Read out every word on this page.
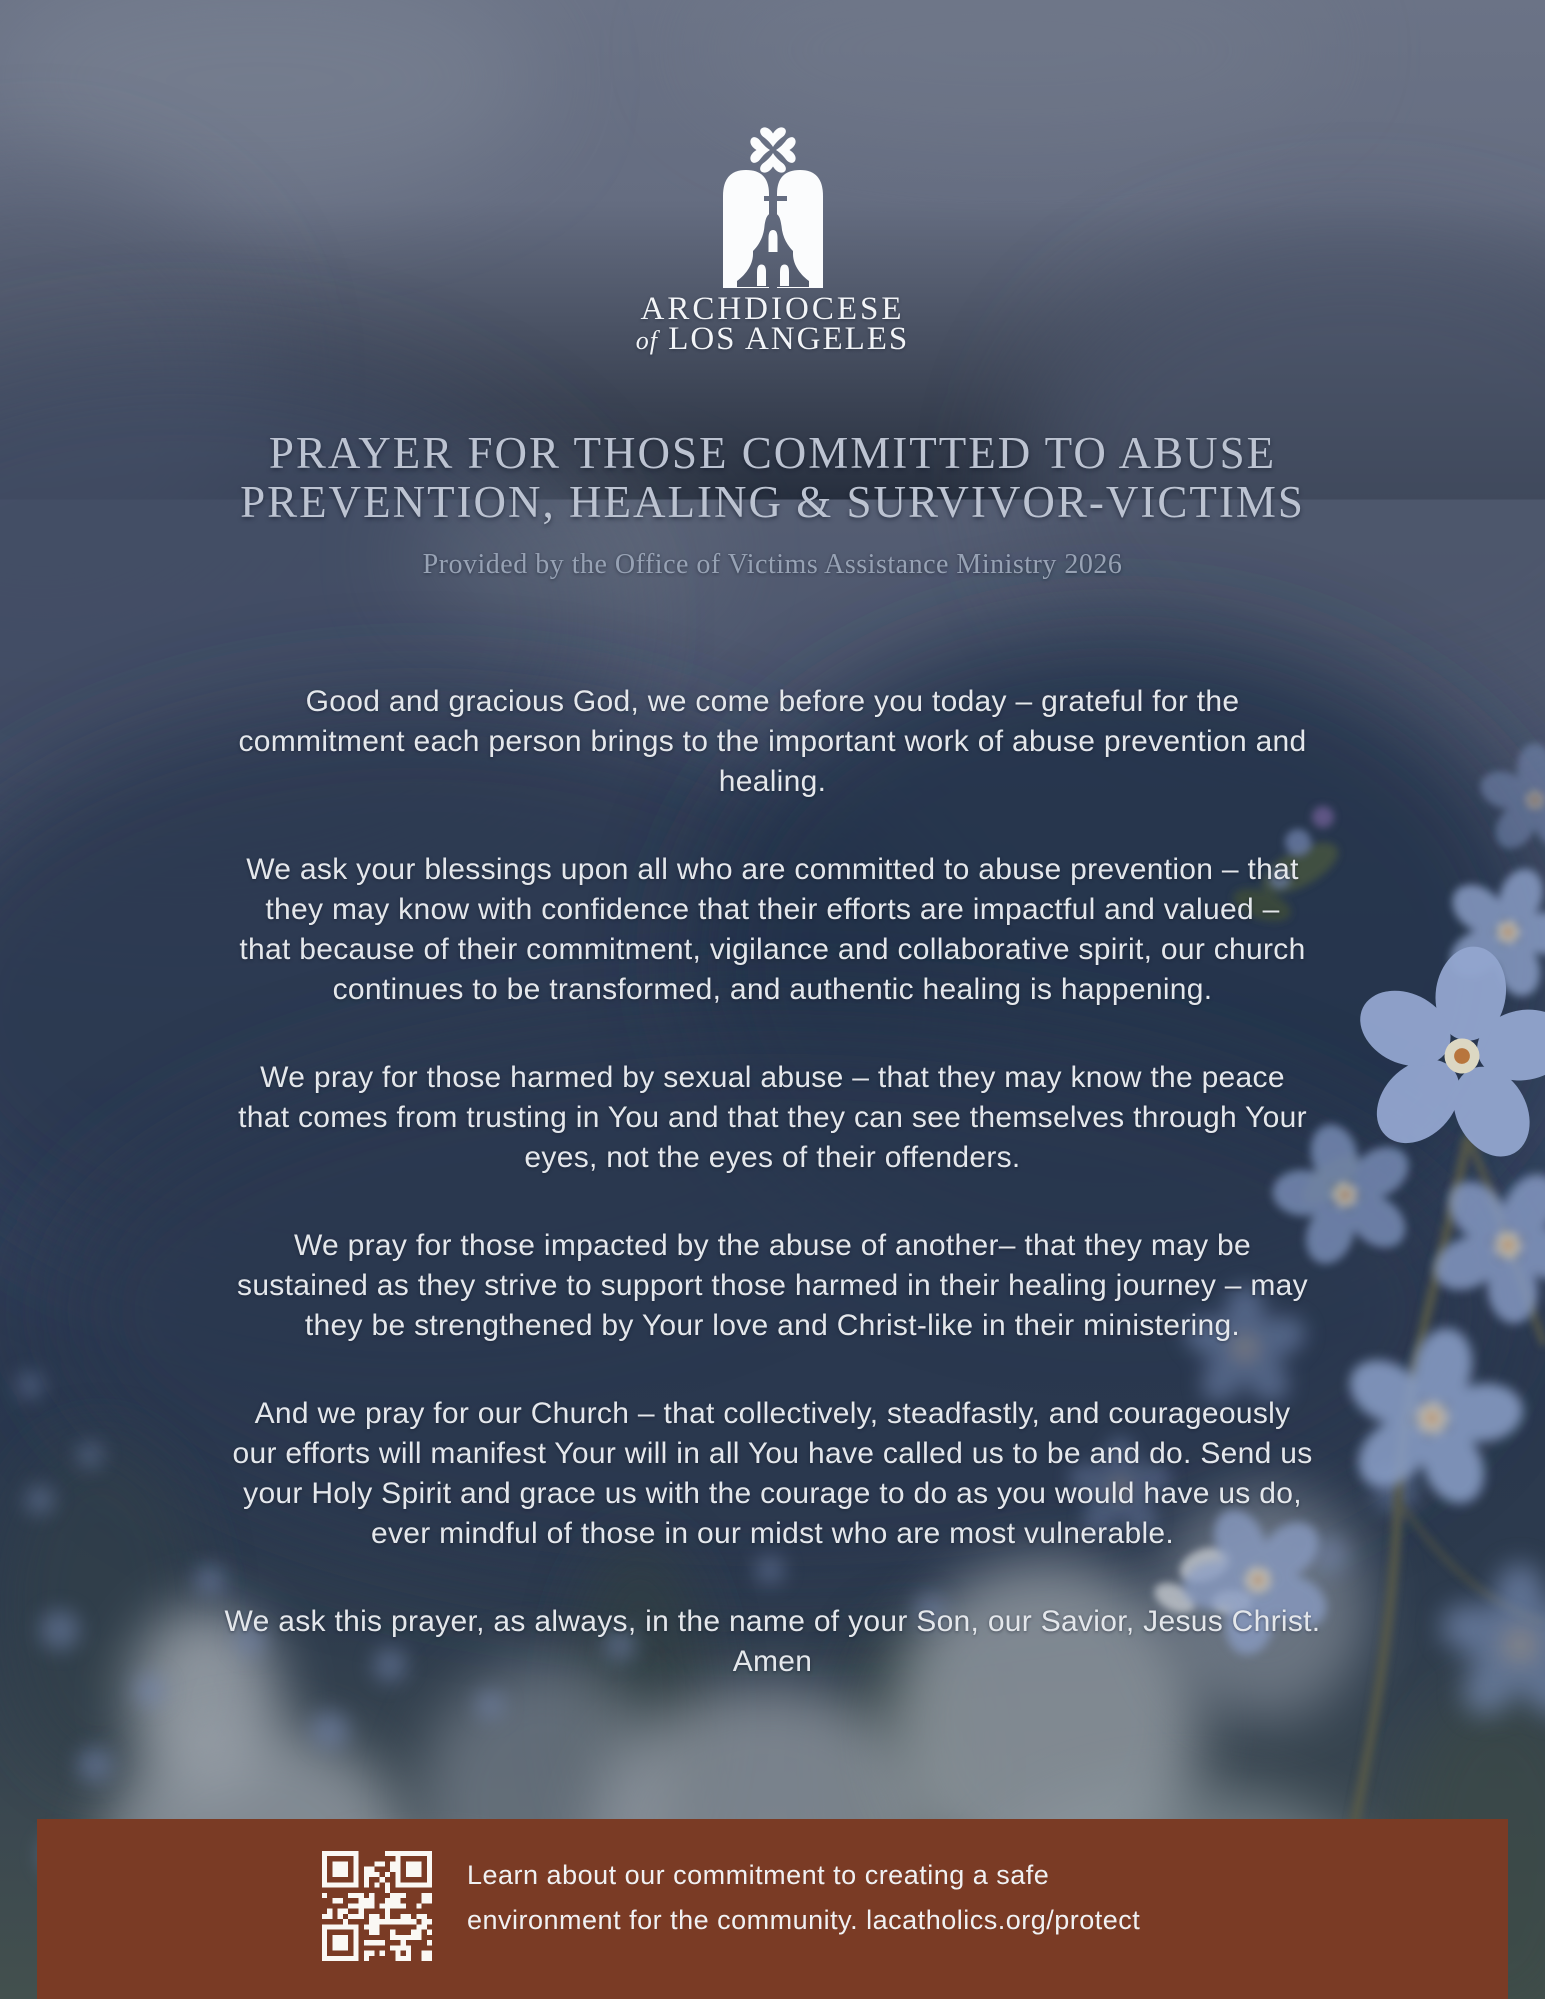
ARCHDIOCESE
of LOS ANGELES
PRAYER FOR THOSE COMMITTED TO ABUSE
PREVENTION, HEALING & SURVIVOR-VICTIMS
Provided by the Office of Victims Assistance Ministry 2026

Good and gracious God, we come before you today – grateful for the
commitment each person brings to the important work of abuse prevention and
healing.

We ask your blessings upon all who are committed to abuse prevention – that
they may know with confidence that their efforts are impactful and valued –
that because of their commitment, vigilance and collaborative spirit, our church
continues to be transformed, and authentic healing is happening.

We pray for those harmed by sexual abuse – that they may know the peace
that comes from trusting in You and that they can see themselves through Your
eyes, not the eyes of their offenders.

We pray for those impacted by the abuse of another– that they may be
sustained as they strive to support those harmed in their healing journey – may
they be strengthened by Your love and Christ-like in their ministering.

And we pray for our Church – that collectively, steadfastly, and courageously
our efforts will manifest Your will in all You have called us to be and do. Send us
your Holy Spirit and grace us with the courage to do as you would have us do,
ever mindful of those in our midst who are most vulnerable.

We ask this prayer, as always, in the name of your Son, our Savior, Jesus Christ.
Amen

Learn about our commitment to creating a safe
environment for the community. lacatholics.org/protect
